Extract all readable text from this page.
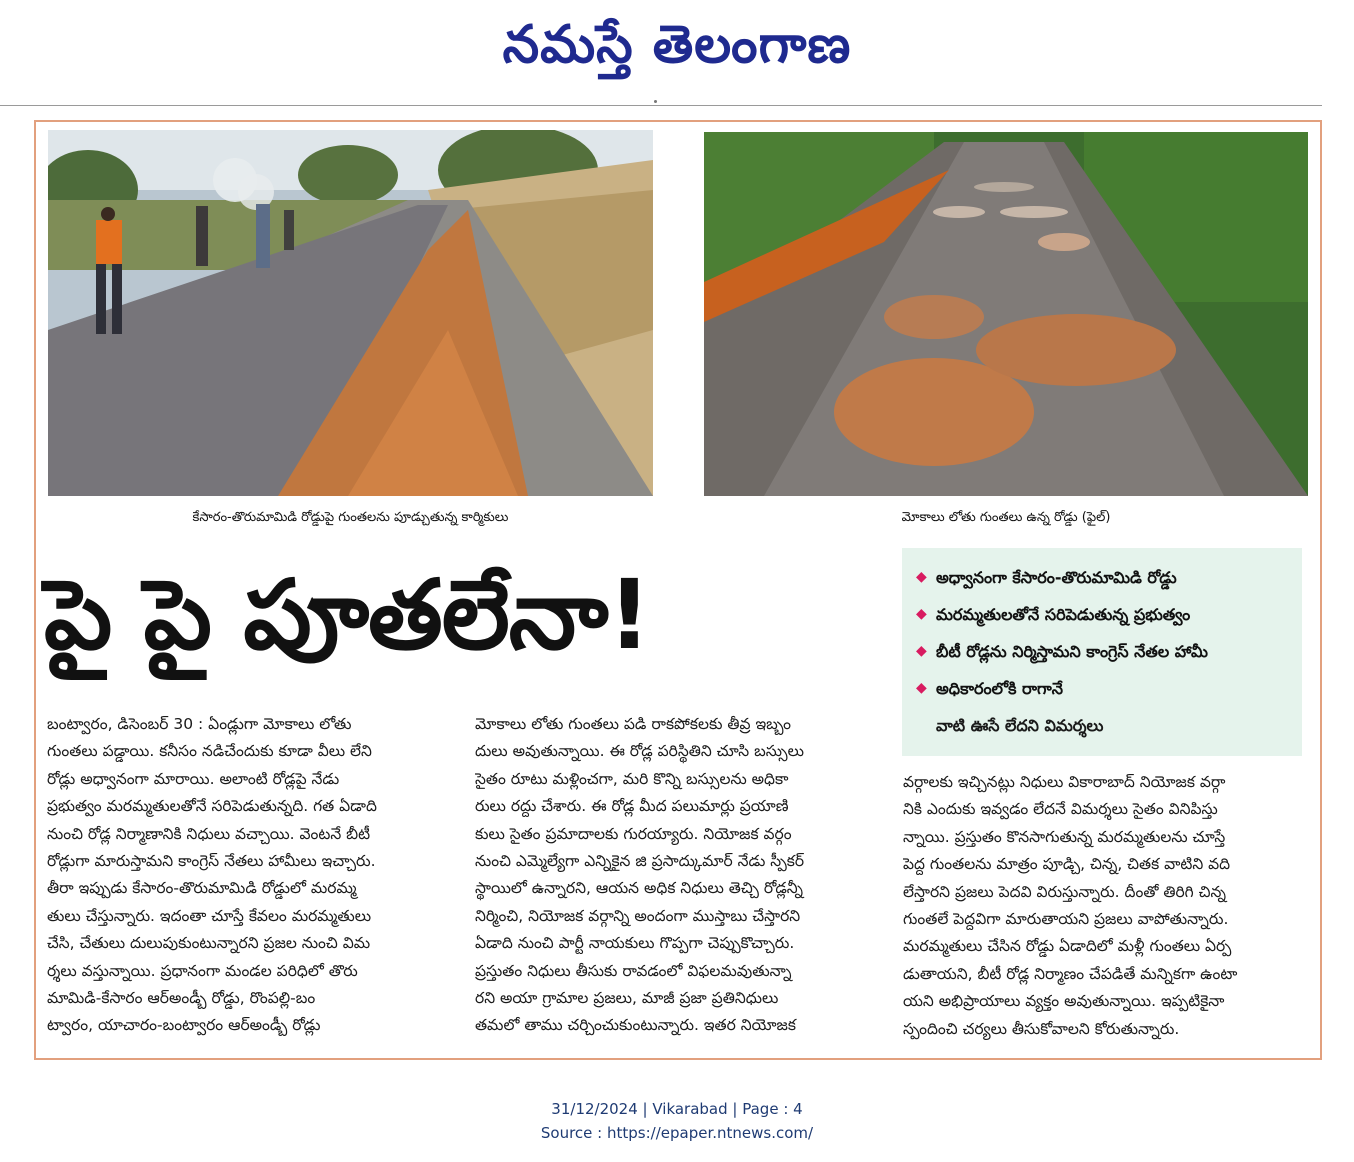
నమస్తే తెలంగాణ
కేసారం-తొరుమామిడి రోడ్డుపై గుంతలను పూడ్చుతున్న కార్మికులు	మోకాలు లోతు గుంతలు ఉన్న రోడ్డు (ఫైల్)
పై పై పూతలేనా!	◆ అధ్వానంగా కేసారం-తొరుమామిడి రోడ్డు
◆ మరమ్మతులతోనే సరిపెడుతున్న ప్రభుత్వం
◆ బీటీ రోడ్లను నిర్మిస్తామని కాంగ్రెస్ నేతల హామీ
◆ అధికారంలోకి రాగానే
వాటి ఊసే లేదని విమర్శలు

బంట్వారం, డిసెంబర్ 30 : ఏండ్లుగా మోకాలు లోతు

గుంతలు పడ్డాయి. కనీసం నడిచేందుకు కూడా వీలు లేని

రోడ్లు అధ్వానంగా మారాయి. అలాంటి రోడ్లపై నేడు

ప్రభుత్వం మరమ్మతులతోనే సరిపెడుతున్నది. గత ఏడాది

నుంచి రోడ్ల నిర్మాణానికి నిధులు వచ్చాయి. వెంటనే బీటీ

రోడ్లుగా మారుస్తామని కాంగ్రెస్ నేతలు హామీలు ఇచ్చారు.

తీరా ఇప్పుడు కేసారం-తొరుమామిడి రోడ్డులో మరమ్మ

తులు చేస్తున్నారు. ఇదంతా చూస్తే కేవలం మరమ్మతులు

చేసి, చేతులు దులుపుకుంటున్నారని ప్రజల నుంచి విమ

ర్శలు వస్తున్నాయి. ప్రధానంగా మండల పరిధిలో తొరు

మామిడి-కేసారం ఆర్అండ్బీ రోడ్డు, రొంపల్లి-బం

ట్వారం, యాచారం-బంట్వారం ఆర్అండ్బీ రోడ్లు

మోకాలు లోతు గుంతలు పడి రాకపోకలకు తీవ్ర ఇబ్బం

దులు అవుతున్నాయి. ఈ రోడ్ల పరిస్థితిని చూసి బస్సులు

సైతం రూటు మళ్లించగా, మరి కొన్ని బస్సులను అధికా

రులు రద్దు చేశారు. ఈ రోడ్ల మీద పలుమార్లు ప్రయాణి

కులు సైతం ప్రమాదాలకు గురయ్యారు. నియోజక వర్గం

నుంచి ఎమ్మెల్యేగా ఎన్నికైన జి ప్రసాద్కుమార్ నేడు స్పీకర్

స్థాయిలో ఉన్నారని, ఆయన అధిక నిధులు తెచ్చి రోడ్లన్నీ

నిర్మించి, నియోజక వర్గాన్ని అందంగా ముస్తాబు చేస్తారని

ఏడాది నుంచి పార్టీ నాయకులు గొప్పగా చెప్పుకొచ్చారు.

ప్రస్తుతం నిధులు తీసుకు రావడంలో విఫలమవుతున్నా

రని అయా గ్రామాల ప్రజలు, మాజీ ప్రజా ప్రతినిధులు

తమలో తాము చర్చించుకుంటున్నారు. ఇతర నియోజక

వర్గాలకు ఇచ్చినట్లు నిధులు వికారాబాద్ నియోజక వర్గా

నికి ఎందుకు ఇవ్వడం లేదనే విమర్శలు సైతం వినిపిస్తు

న్నాయి. ప్రస్తుతం కొనసాగుతున్న మరమ్మతులను చూస్తే

పెద్ద గుంతలను మాత్రం పూడ్చి, చిన్న, చితక వాటిని వది

లేస్తారని ప్రజలు పెదవి విరుస్తున్నారు. దీంతో తిరిగి చిన్న

గుంతలే పెద్దవిగా మారుతాయని ప్రజలు వాపోతున్నారు.

మరమ్మతులు చేసిన రోడ్డు ఏడాదిలో మళ్లీ గుంతలు ఏర్ప

డుతాయని, బీటీ రోడ్ల నిర్మాణం చేపడితే మన్నికగా ఉంటా

యని అభిప్రాయాలు వ్యక్తం అవుతున్నాయి. ఇప్పటికైనా

స్పందించి చర్యలు తీసుకోవాలని కోరుతున్నారు.

31/12/2024 | Vikarabad | Page : 4
Source : https://epaper.ntnews.com/
